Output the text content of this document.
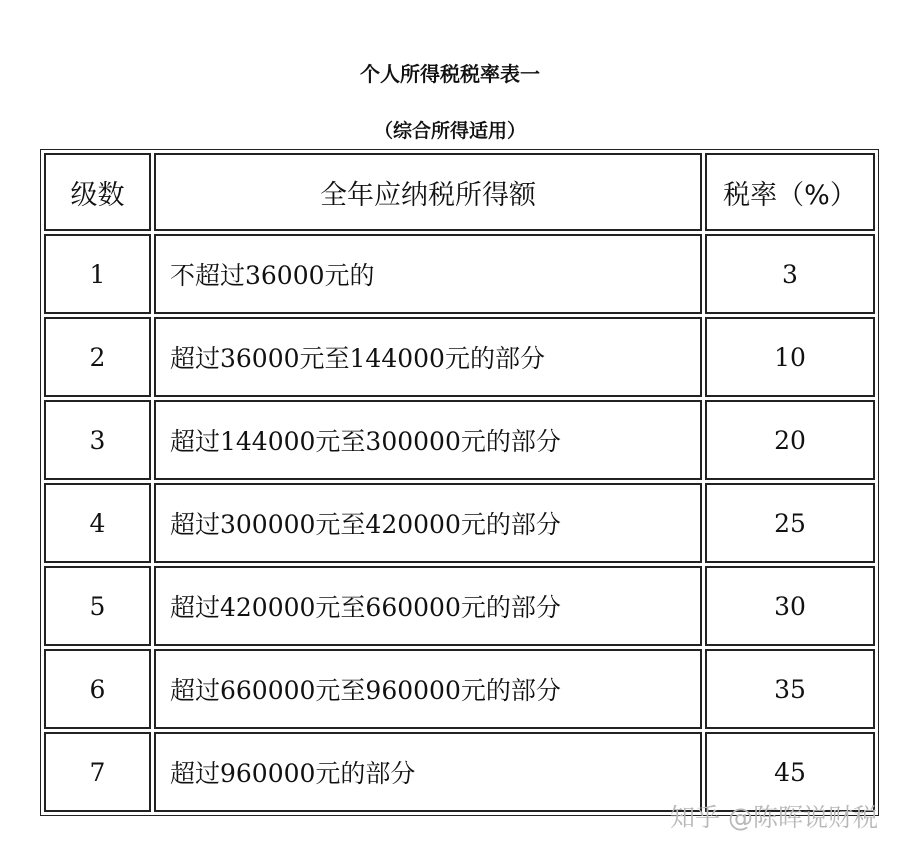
个人所得税税率表一
（综合所得适用）
级数	全年应纳税所得额	税率（%）
1	不超过36000元的	3
2	超过36000元至144000元的部分	10
3	超过144000元至300000元的部分	20
4	超过300000元至420000元的部分	25
5	超过420000元至660000元的部分	30
6	超过660000元至960000元的部分	35
7	超过960000元的部分	45
知乎 @陈晖说财税
